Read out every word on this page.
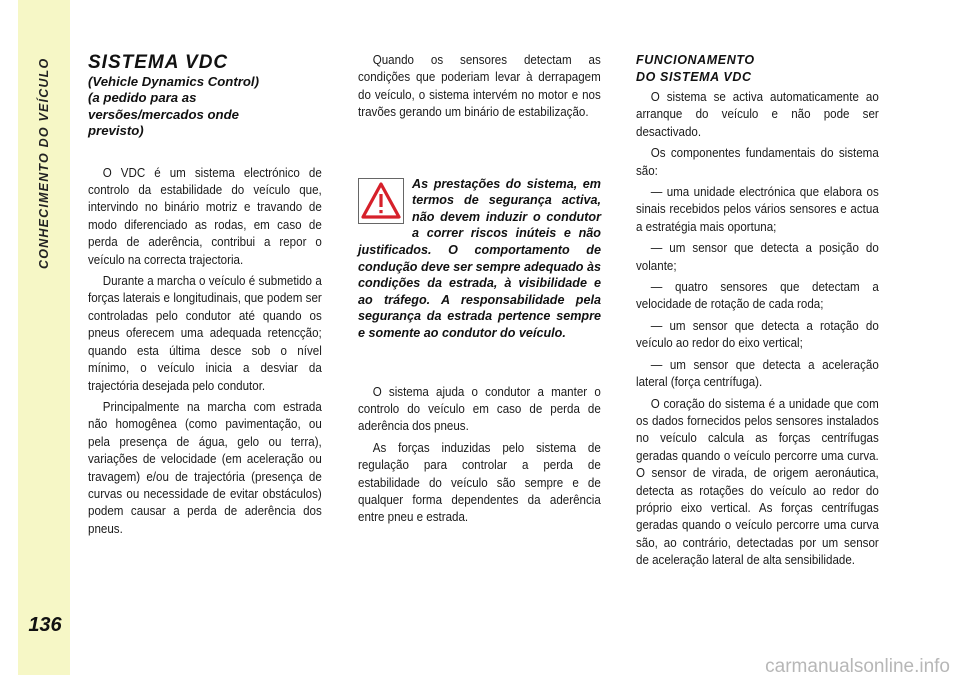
CONHECIMENTO DO VEÍCULO
136
SISTEMA VDC
(Vehicle Dynamics Control)
(a pedido para as
versões/mercados onde
previsto)

O VDC é um sistema electrónico de controlo da estabilidade do veículo que, intervindo no binário motriz e travando de modo diferenciado as rodas, em caso de perda de aderência, contribui a repor o veículo na correcta trajectoria.

Durante a marcha o veículo é submetido a forças laterais e longitudinais, que podem ser controladas pelo condutor até quando os pneus oferecem uma adequada retencção; quando esta última desce sob o nível mínimo, o veículo inicia a desviar da trajectória desejada pelo condutor.

Principalmente na marcha com estrada não homogênea (como pavimentação, ou pela presença de água, gelo ou terra), variações de velocidade (em aceleração ou travagem) e/ou de trajectória (presença de curvas ou necessidade de evitar obstáculos) podem causar a perda de aderência dos pneus.

Quando os sensores detectam as condições que poderiam levar à derrapagem do veículo, o sistema intervém no motor e nos travões gerando um binário de estabilização.

As prestações do sistema, em termos de segurança activa, não devem induzir o condutor a correr riscos inúteis e não justificados. O comportamento de condução deve ser sempre adequado às condições da estrada, à visibilidade e ao tráfego. A responsabilidade pela segurança da estrada pertence sempre e somente ao condutor do veículo.

O sistema ajuda o condutor a manter o controlo do veículo em caso de perda de aderência dos pneus.

As forças induzidas pelo sistema de regulação para controlar a perda de estabilidade do veículo são sempre e de qualquer forma dependentes da aderência entre pneu e estrada.

FUNCIONAMENTO
DO SISTEMA VDC

O sistema se activa automaticamente ao arranque do veículo e não pode ser desactivado.

Os componentes fundamentais do sistema são:

— uma unidade electrónica que elabora os sinais recebidos pelos vários sensores e actua a estratégia mais oportuna;

— um sensor que detecta a posição do volante;

— quatro sensores que detectam a velocidade de rotação de cada roda;

— um sensor que detecta a rotação do veículo ao redor do eixo vertical;

— um sensor que detecta a aceleração lateral (força centrífuga).

O coração do sistema é a unidade que com os dados fornecidos pelos sensores instalados no veículo calcula as forças centrífugas geradas quando o veículo percorre uma curva. O sensor de virada, de origem aeronáutica, detecta as rotações do veículo ao redor do próprio eixo vertical. As forças centrífugas geradas quando o veículo percorre uma curva são, ao contrário, detectadas por um sensor de aceleração lateral de alta sensibilidade.

carmanualsonline.info
